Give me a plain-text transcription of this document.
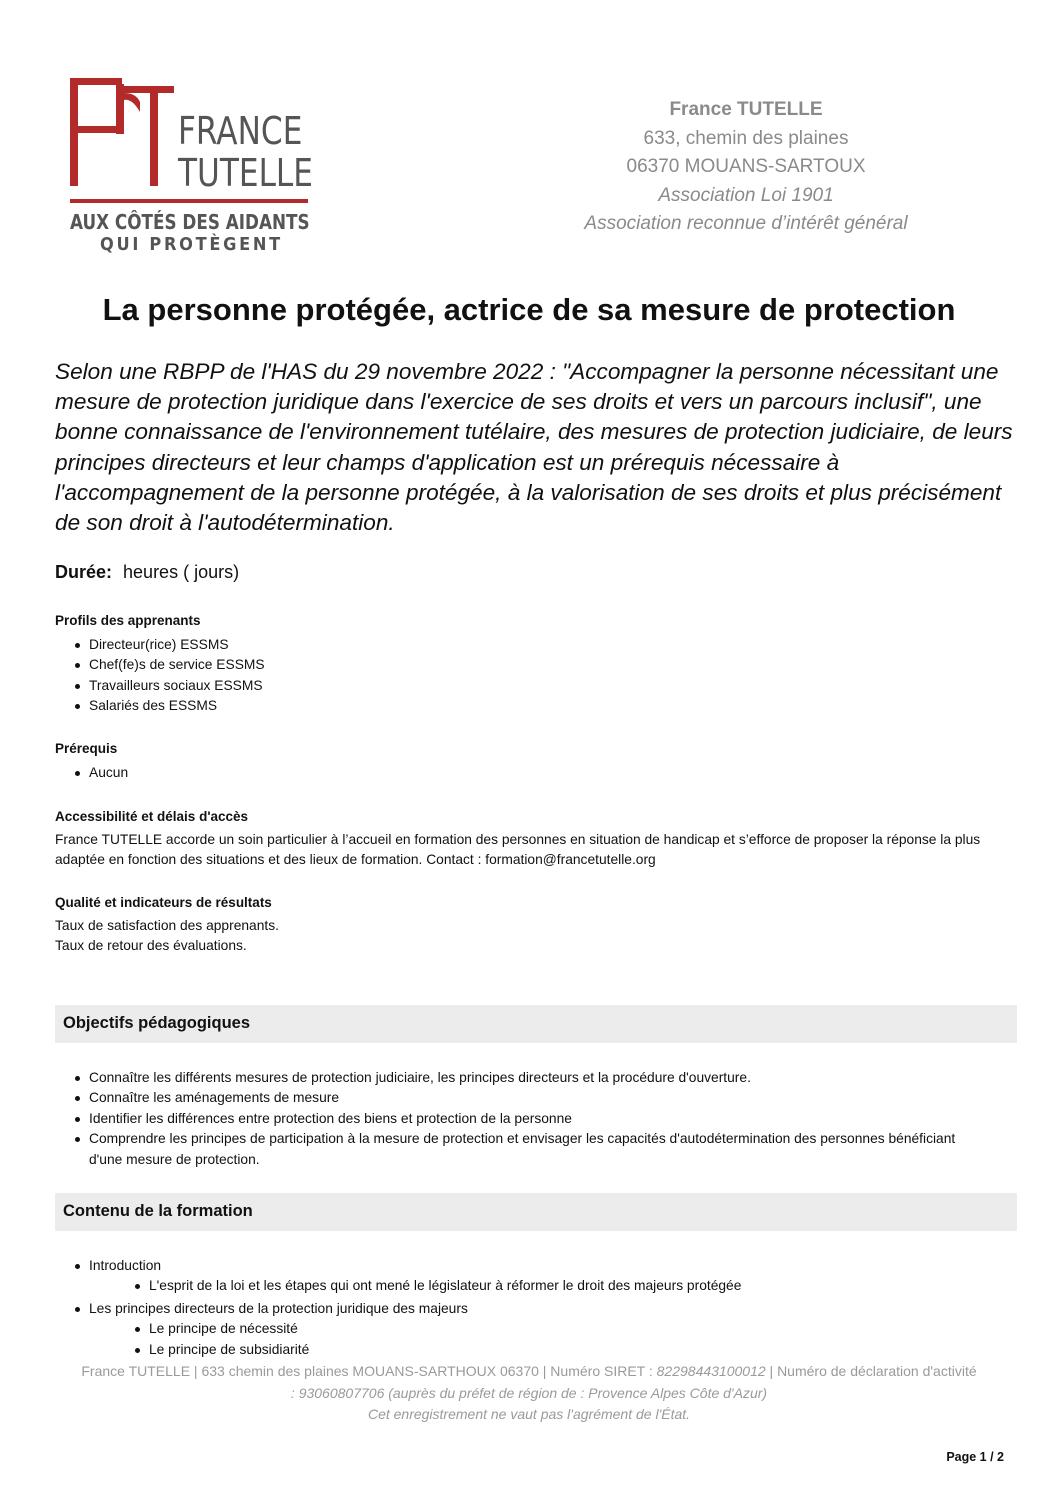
FRANCE
TUTELLE
AUX CÔTÉS DES AIDANTS
QUI PROTÈGENT
France TUTELLE
633, chemin des plaines
06370 MOUANS-SARTOUX
Association Loi 1901
Association reconnue d’intérêt général
La personne protégée, actrice de sa mesure de protection

Selon une RBPP de l'HAS du 29 novembre 2022 : "Accompagner la personne nécessitant une mesure de protection juridique dans l'exercice de ses droits et vers un parcours inclusif", une bonne connaissance de l'environnement tutélaire, des mesures de protection judiciaire, de leurs principes directeurs et leur champs d'application est un prérequis nécessaire à l'accompagnement de la personne protégée, à la valorisation de ses droits et plus précisément de son droit à l'autodétermination.

Durée: heures ( jours)
Profils des apprenants
Directeur(rice) ESSMS
Chef(fe)s de service ESSMS
Travailleurs sociaux ESSMS
Salariés des ESSMS
Prérequis
Aucun
Accessibilité et délais d'accès

France TUTELLE accorde un soin particulier à l’accueil en formation des personnes en situation de handicap et s’efforce de proposer la réponse la plus adaptée en fonction des situations et des lieux de formation. Contact : formation@francetutelle.org

Qualité et indicateurs de résultats
Taux de satisfaction des apprenants.
Taux de retour des évaluations.
Objectifs pédagogiques
Connaître les différents mesures de protection judiciaire, les principes directeurs et la procédure d'ouverture.
Connaître les aménagements de mesure
Identifier les différences entre protection des biens et protection de la personne
Comprendre les principes de participation à la mesure de protection et envisager les capacités d'autodétermination des personnes bénéficiant d'une mesure de protection.
Contenu de la formation
Introduction
L'esprit de la loi et les étapes qui ont mené le législateur à réformer le droit des majeurs protégée
Les principes directeurs de la protection juridique des majeurs
Le principe de nécessité
Le principe de subsidiarité
France TUTELLE | 633 chemin des plaines MOUANS-SARTHOUX 06370 | Numéro SIRET : 82298443100012 | Numéro de déclaration d'activité
: 93060807706 (auprès du préfet de région de : Provence Alpes Côte d'Azur)
Cet enregistrement ne vaut pas l'agrément de l'État.
Page 1 / 2
